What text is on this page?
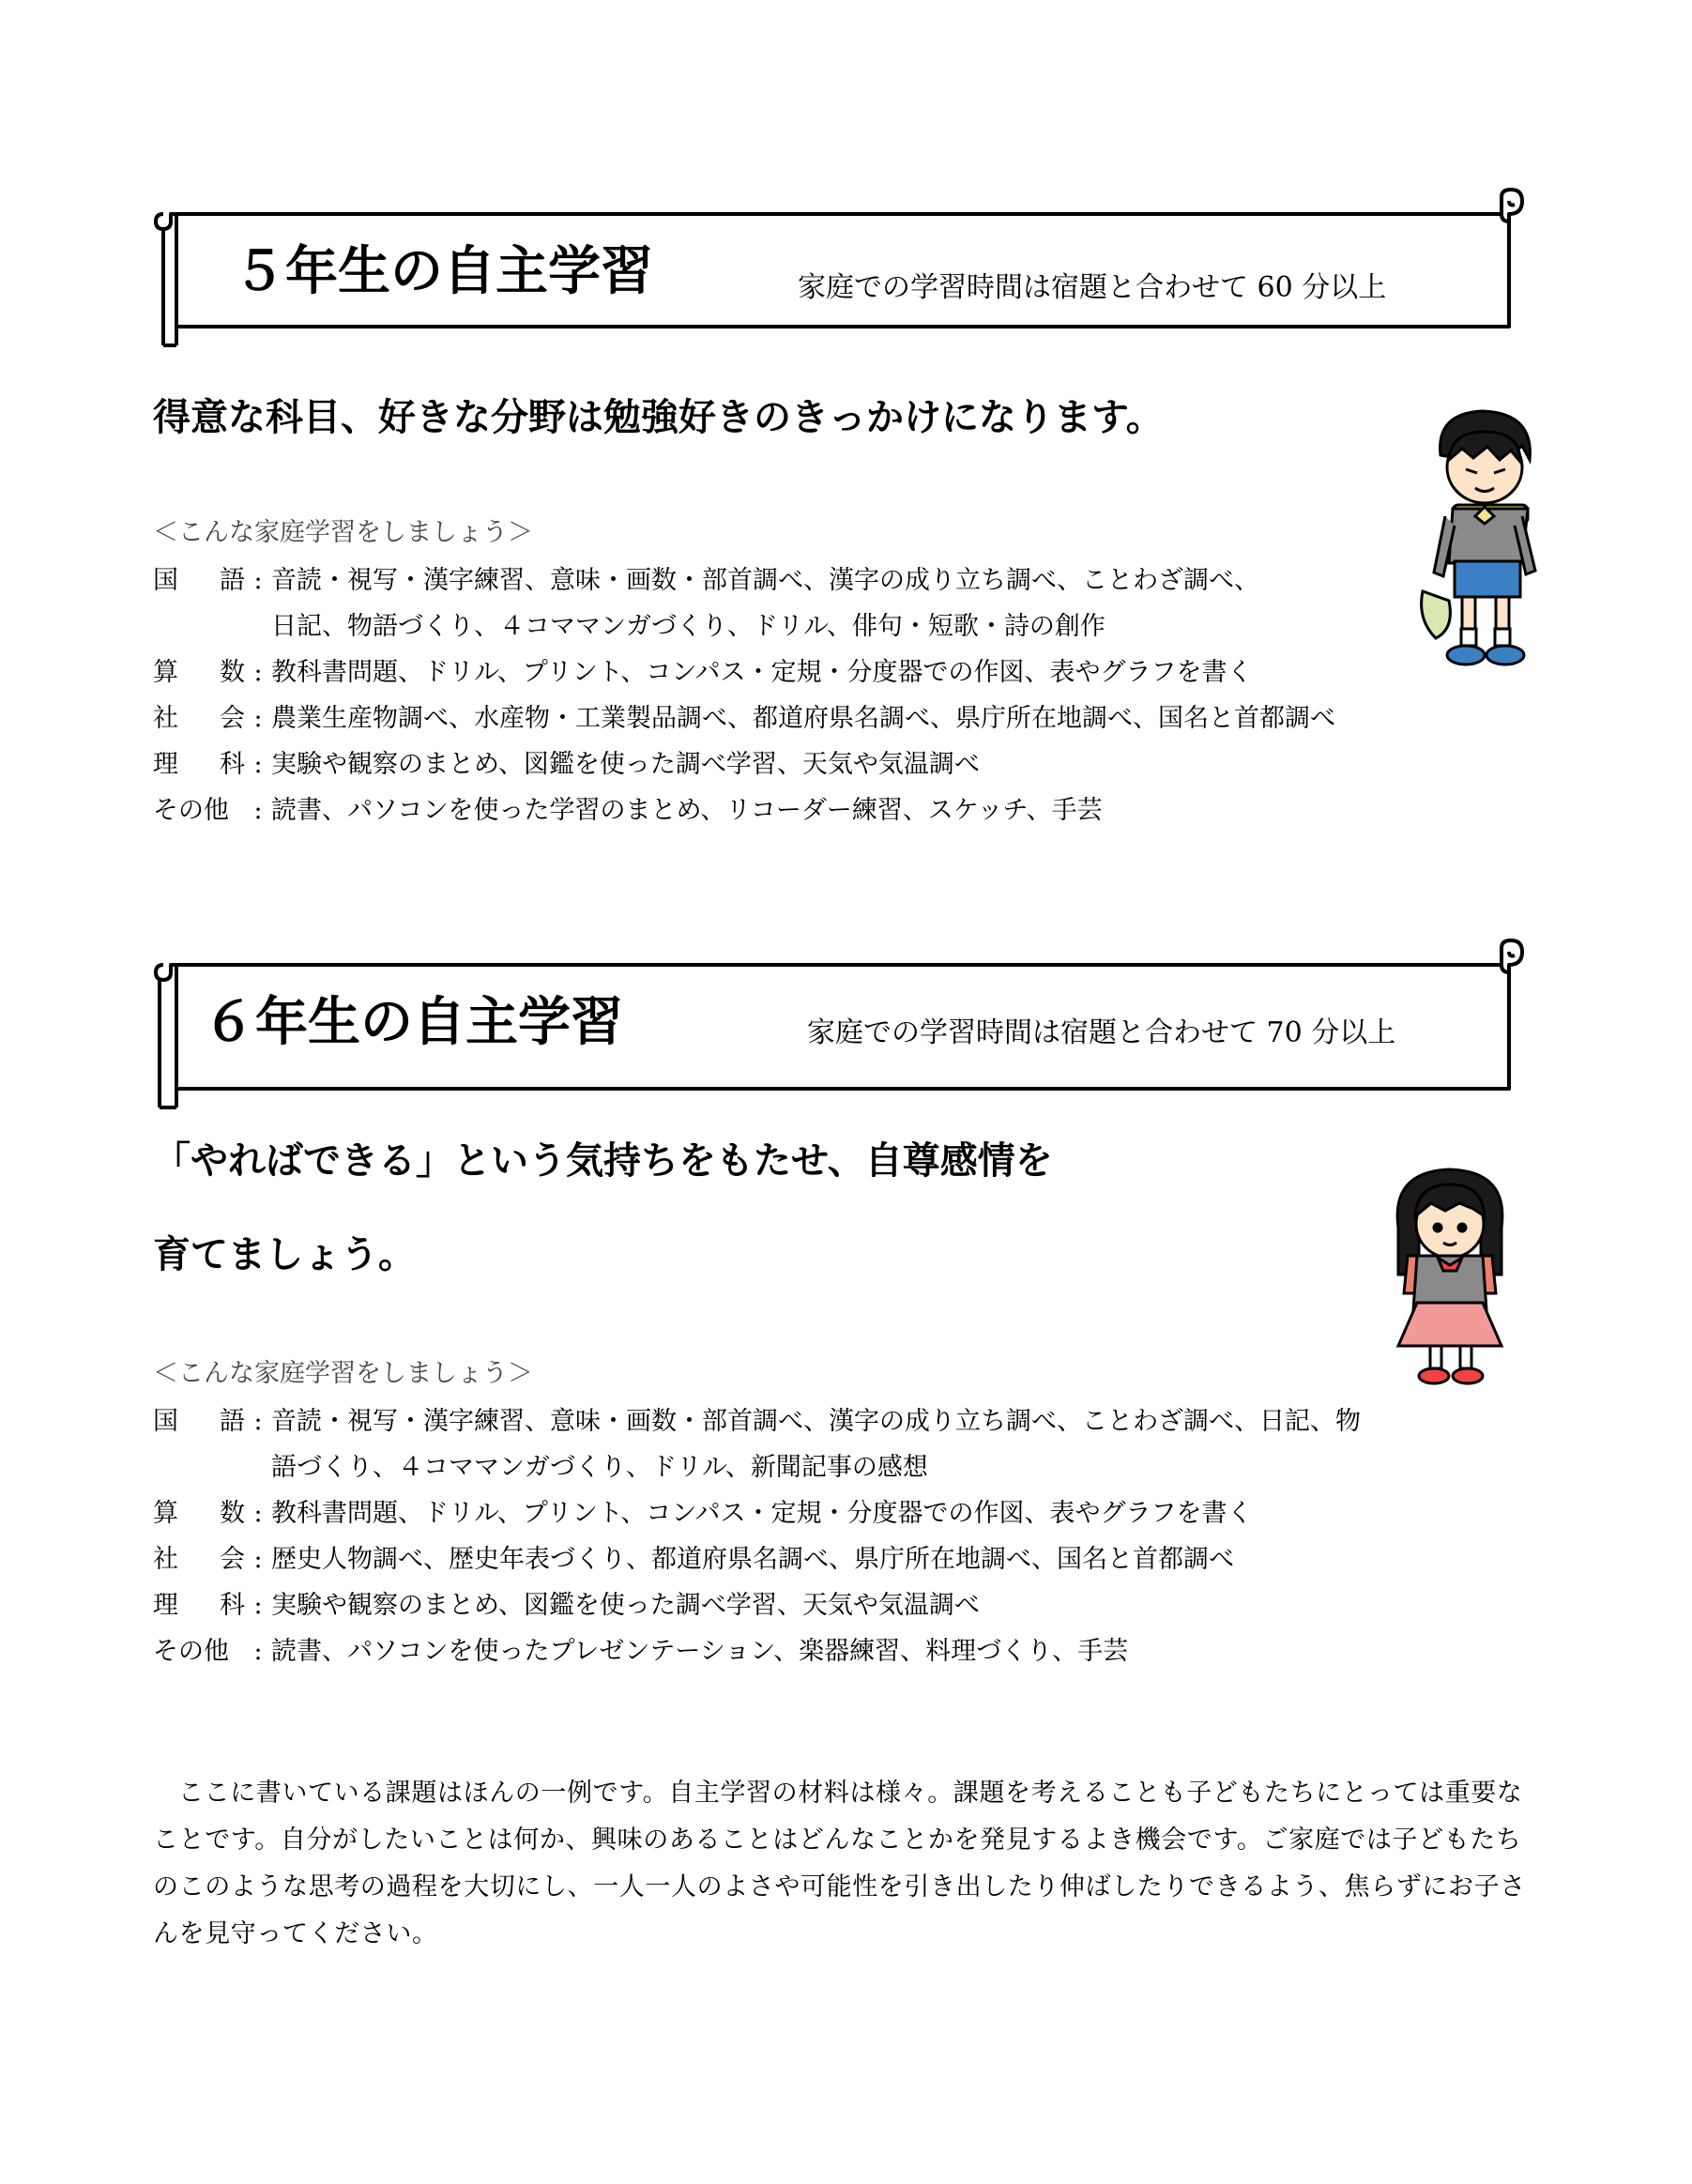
５年生の自主学習	家庭での学習時間は宿題と合わせて 60 分以上
得意な科目、好きな分野は勉強好きのきっかけになります。
＜こんな家庭学習をしましょう＞
国 語 : 音読・視写・漢字練習、意味・画数・部首調べ、漢字の成り立ち調べ、ことわざ調べ、
日記、物語づくり、４コママンガづくり、ドリル、俳句・短歌・詩の創作
算 数 : 教科書問題、ドリル、プリント、コンパス・定規・分度器での作図、表やグラフを書く
社 会 : 農業生産物調べ、水産物・工業製品調べ、都道府県名調べ、県庁所在地調べ、国名と首都調べ
理 科 : 実験や観察のまとめ、図鑑を使った調べ学習、天気や気温調べ
その他 : 読書、パソコンを使った学習のまとめ、リコーダー練習、スケッチ、手芸
６年生の自主学習	家庭での学習時間は宿題と合わせて 70 分以上
「やればできる」という気持ちをもたせ、自尊感情を
育てましょう。
＜こんな家庭学習をしましょう＞
国 語 : 音読・視写・漢字練習、意味・画数・部首調べ、漢字の成り立ち調べ、ことわざ調べ、日記、物
語づくり、４コママンガづくり、ドリル、新聞記事の感想
算 数 : 教科書問題、ドリル、プリント、コンパス・定規・分度器での作図、表やグラフを書く
社 会 : 歴史人物調べ、歴史年表づくり、都道府県名調べ、県庁所在地調べ、国名と首都調べ
理 科 : 実験や観察のまとめ、図鑑を使った調べ学習、天気や気温調べ
その他 : 読書、パソコンを使ったプレゼンテーション、楽器練習、料理づくり、手芸
ここに書いている課題はほんの一例です。自主学習の材料は様々。課題を考えることも子どもたちにとっては重要なことです。自分がしたいことは何か、興味のあることはどんなことかを発見するよき機会です。ご家庭では子どもたちのこのような思考の過程を大切にし、一人一人のよさや可能性を引き出したり伸ばしたりできるよう、焦らずにお子さんを見守ってください。
